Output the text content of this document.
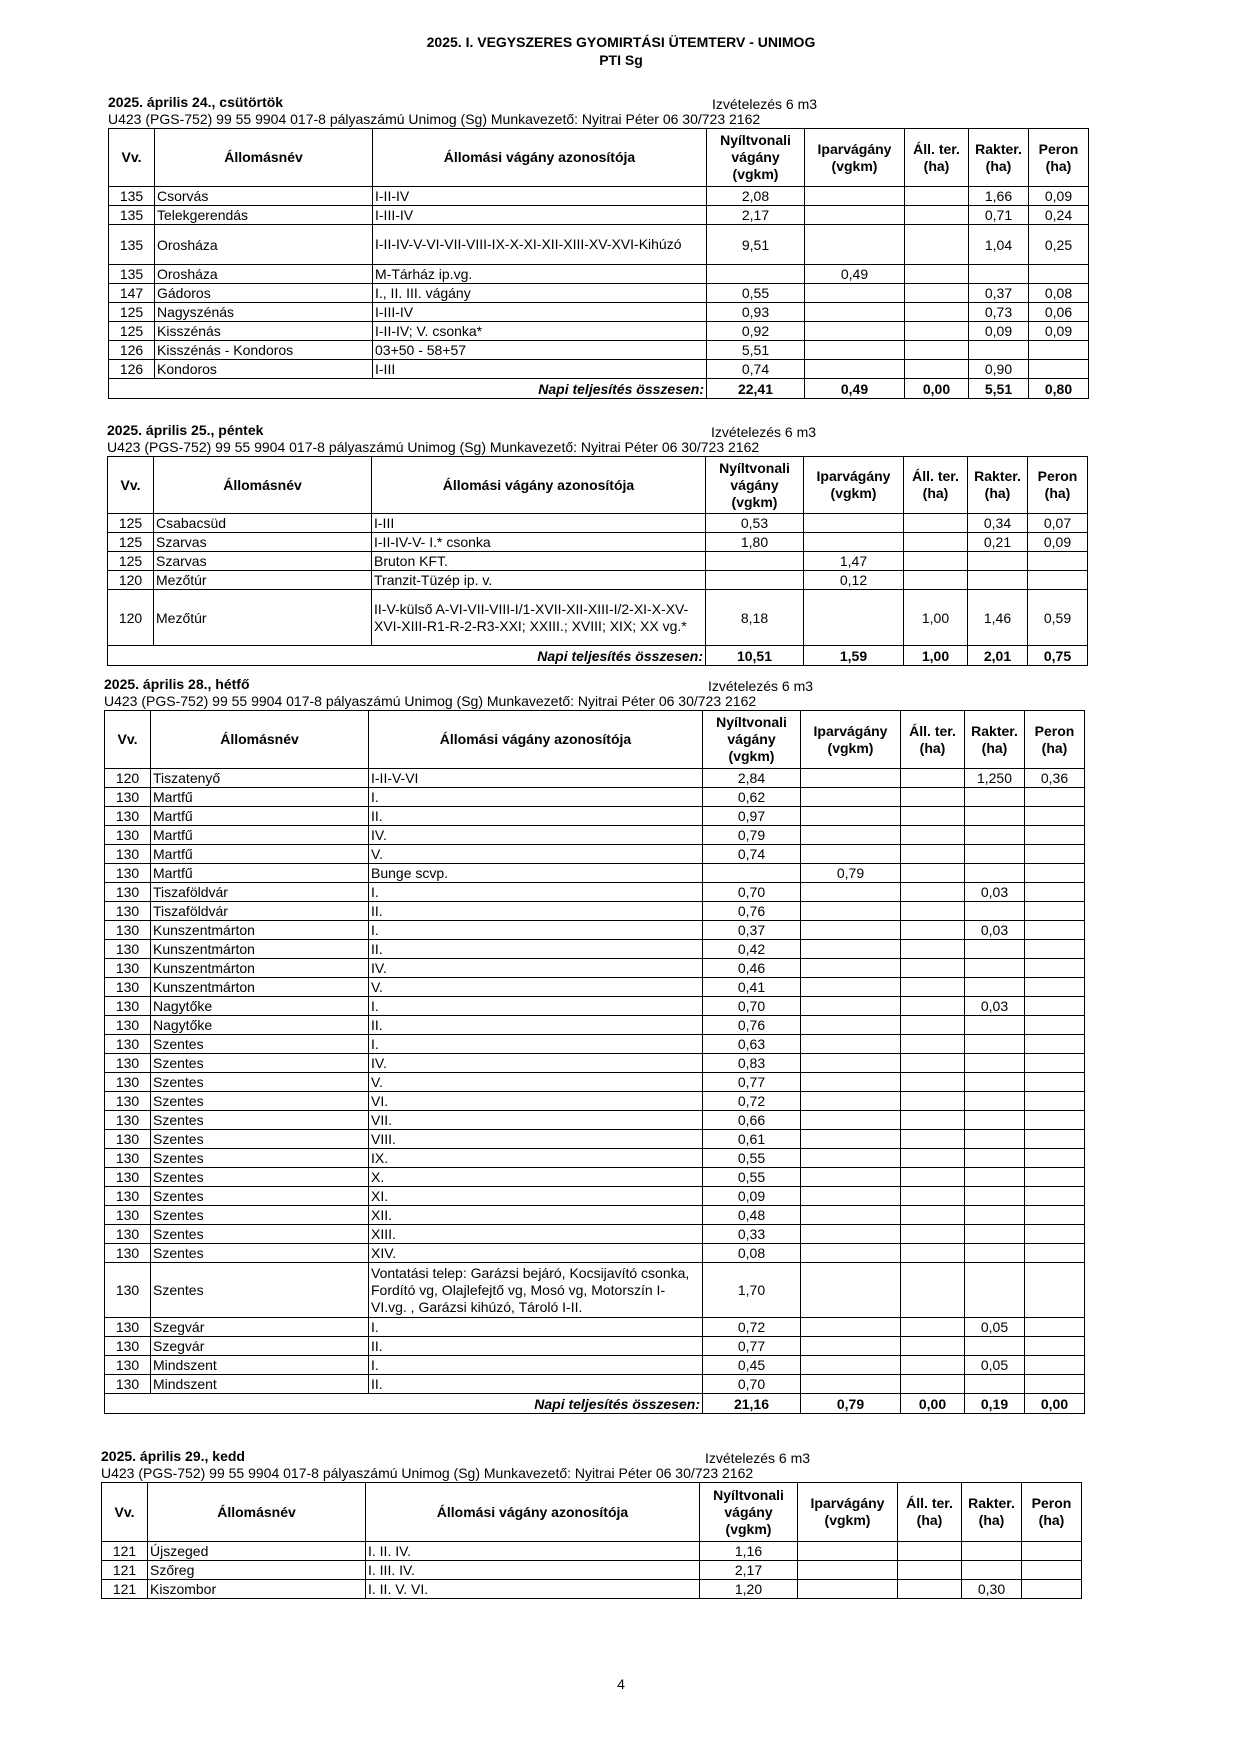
2025. I. VEGYSZERES GYOMIRTÁSI ÜTEMTERV - UNIMOG
PTI Sg
2025. április 24., csütörtök	Izvételezés 6 m3
U423 (PGS-752) 99 55 9904 017-8 pályaszámú Unimog (Sg) Munkavezető: Nyitrai Péter 06 30/723 2162
Vv.	Állomásnév	Állomási vágány azonosítója	Nyíltvonali vágány (vgkm)	Iparvágány (vgkm)	Áll. ter. (ha)	Rakter. (ha)	Peron (ha)
135	Csorvás	I-II-IV	2,08			1,66	0,09
135	Telekgerendás	I-III-IV	2,17			0,71	0,24
135	Orosháza	I-II-IV-V-VI-VII-VIII-IX-X-XI-XII-XIII-XV-XVI-Kihúzó	9,51			1,04	0,25
135	Orosháza	M-Tárház ip.vg.		0,49			
147	Gádoros	I., II. III. vágány	0,55			0,37	0,08
125	Nagyszénás	I-III-IV	0,93			0,73	0,06
125	Kisszénás	I-II-IV; V. csonka*	0,92			0,09	0,09
126	Kisszénás - Kondoros	03+50 - 58+57	5,51				
126	Kondoros	I-III	0,74			0,90	
Napi teljesítés összesen:			22,41	0,49	0,00	5,51	0,80
2025. április 25., péntek	Izvételezés 6 m3
U423 (PGS-752) 99 55 9904 017-8 pályaszámú Unimog (Sg) Munkavezető: Nyitrai Péter 06 30/723 2162
Vv.	Állomásnév	Állomási vágány azonosítója	Nyíltvonali vágány (vgkm)	Iparvágány (vgkm)	Áll. ter. (ha)	Rakter. (ha)	Peron (ha)
125	Csabacsüd	I-III	0,53			0,34	0,07
125	Szarvas	I-II-IV-V- I.* csonka	1,80			0,21	0,09
125	Szarvas	Bruton KFT.		1,47			
120	Mezőtúr	Tranzit-Tüzép ip. v.		0,12			
120	Mezőtúr	II-V-külső A-VI-VII-VIII-I/1-XVII-XII-XIII-I/2-XI-X-XV-XVI-XIII-R1-R-2-R3-XXI; XXIII.; XVIII; XIX; XX vg.*	8,18		1,00	1,46	0,59
Napi teljesítés összesen:			10,51	1,59	1,00	2,01	0,75
2025. április 28., hétfő	Izvételezés 6 m3
U423 (PGS-752) 99 55 9904 017-8 pályaszámú Unimog (Sg) Munkavezető: Nyitrai Péter 06 30/723 2162
Vv.	Állomásnév	Állomási vágány azonosítója	Nyíltvonali vágány (vgkm)	Iparvágány (vgkm)	Áll. ter. (ha)	Rakter. (ha)	Peron (ha)
120	Tiszatenyő	I-II-V-VI	2,84			1,250	0,36
130	Martfű	I.	0,62				
130	Martfű	II.	0,97				
130	Martfű	IV.	0,79				
130	Martfű	V.	0,74				
130	Martfű	Bunge scvp.		0,79			
130	Tiszaföldvár	I.	0,70			0,03	
130	Tiszaföldvár	II.	0,76				
130	Kunszentmárton	I.	0,37			0,03	
130	Kunszentmárton	II.	0,42				
130	Kunszentmárton	IV.	0,46				
130	Kunszentmárton	V.	0,41				
130	Nagytőke	I.	0,70			0,03	
130	Nagytőke	II.	0,76				
130	Szentes	I.	0,63				
130	Szentes	IV.	0,83				
130	Szentes	V.	0,77				
130	Szentes	VI.	0,72				
130	Szentes	VII.	0,66				
130	Szentes	VIII.	0,61				
130	Szentes	IX.	0,55				
130	Szentes	X.	0,55				
130	Szentes	XI.	0,09				
130	Szentes	XII.	0,48				
130	Szentes	XIII.	0,33				
130	Szentes	XIV.	0,08				
130	Szentes	Vontatási telep: Garázsi bejáró, Kocsijavító csonka, Fordító vg, Olajlefejtő vg, Mosó vg, Motorszín I-VI.vg. , Garázsi kihúzó, Tároló I-II.	1,70				
130	Szegvár	I.	0,72			0,05	
130	Szegvár	II.	0,77				
130	Mindszent	I.	0,45			0,05	
130	Mindszent	II.	0,70				
Napi teljesítés összesen:			21,16	0,79	0,00	0,19	0,00
2025. április 29., kedd	Izvételezés 6 m3
U423 (PGS-752) 99 55 9904 017-8 pályaszámú Unimog (Sg) Munkavezető: Nyitrai Péter 06 30/723 2162
Vv.	Állomásnév	Állomási vágány azonosítója	Nyíltvonali vágány (vgkm)	Iparvágány (vgkm)	Áll. ter. (ha)	Rakter. (ha)	Peron (ha)
121	Újszeged	I. II. IV.	1,16				
121	Szőreg	I. III. IV.	2,17				
121	Kiszombor	I. II. V. VI.	1,20			0,30	
4
